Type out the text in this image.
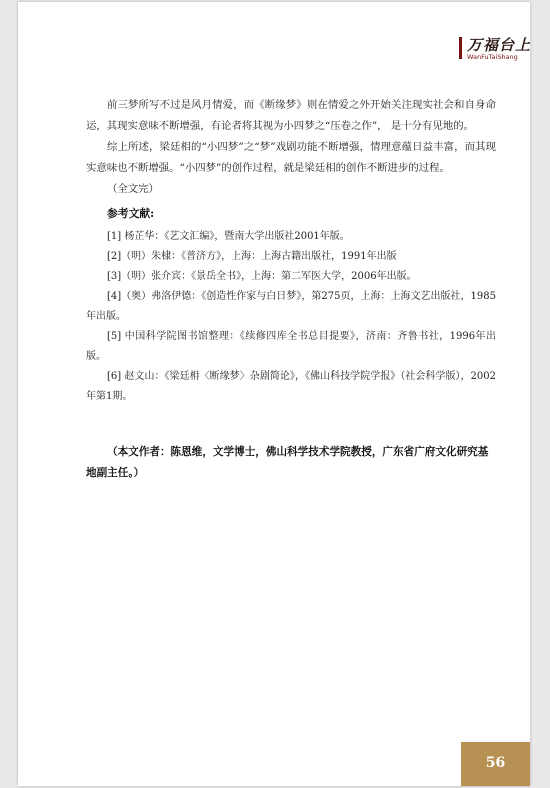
万福台上
WanFuTaiShang

前三梦所写不过是风月情爱，而《断缘梦》则在情爱之外开始关注现实社会和自身命运，其现实意味不断增强，有论者将其视为小四梦之“压卷之作”， 是十分有见地的。

综上所述，梁廷相的“小四梦”之“梦”戏剧功能不断增强，情理意蕴日益丰富，而其现实意味也不断增强。“小四梦”的创作过程，就是梁廷相的创作不断进步的过程。

（全文完）

参考文献:

[1] 杨芷华：《艺文汇编》，暨南大学出版社2001年版。

[2]（明）朱棣：《普济方》，上海：上海古籍出版社，1991年出版

[3]（明）张介宾：《景岳全书》，上海：第二军医大学，2006年出版。

[4]（奥）弗洛伊德：《创造性作家与白日梦》，第275页，上海：上海文艺出版社，1985年出版。

[5] 中国科学院图书馆整理：《续修四库全书总目提要》，济南：齐鲁书社，1996年出版。

[6] 赵文山：《梁廷枏〈断缘梦〉杂剧简论》，《佛山科技学院学报》（社会科学版），2002年第1期。

（本文作者：陈恩维，文学博士，佛山科学技术学院教授，广东省广府文化研究基地副主任。）

56
